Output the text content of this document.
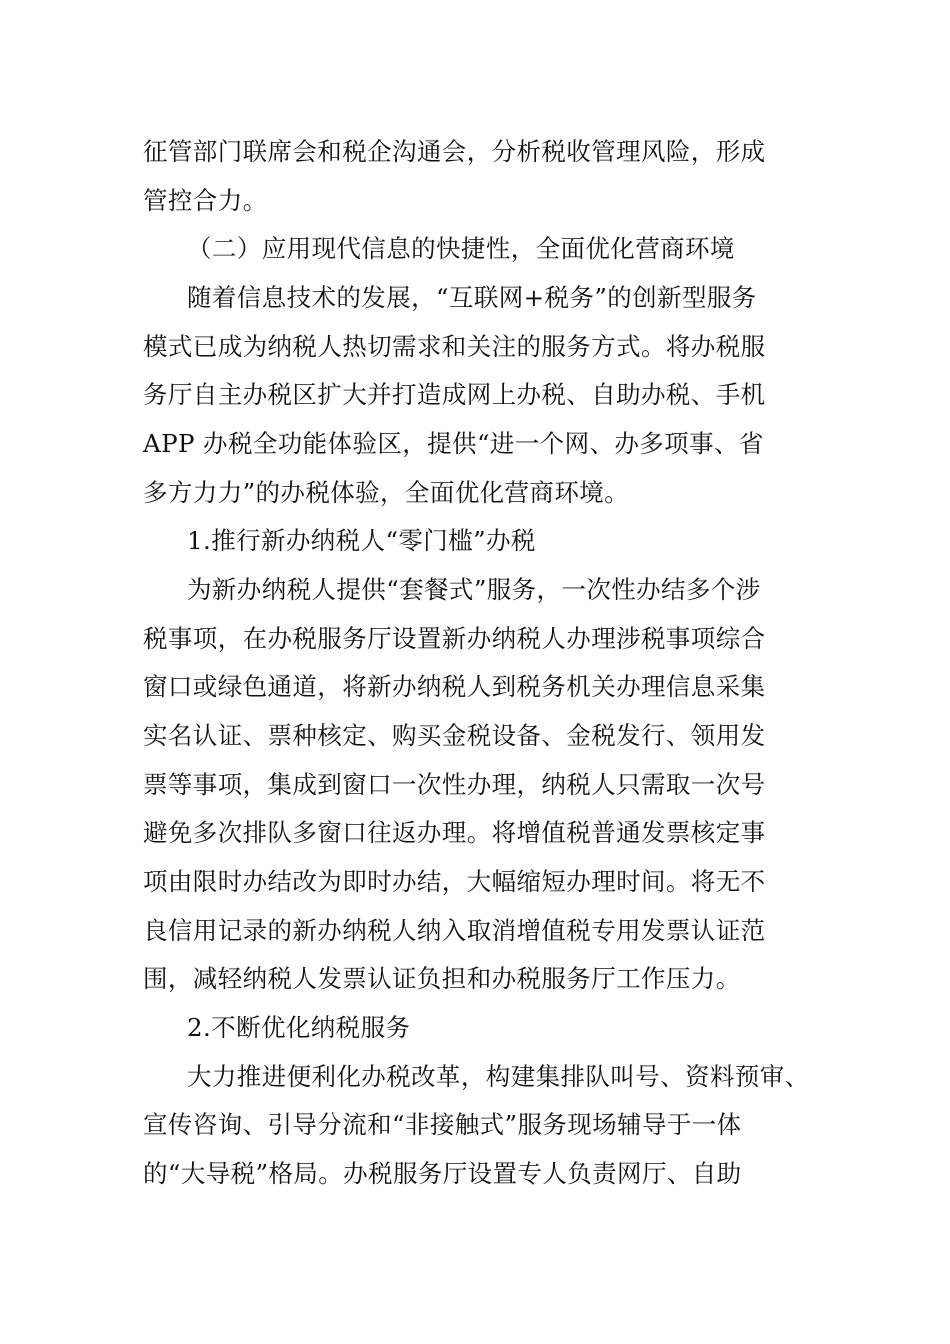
征管部门联席会和税企沟通会，分析税收管理风险，形成
管控合力。
（二）应用现代信息的快捷性，全面优化营商环境
随着信息技术的发展，“互联网+税务”的创新型服务
模式已成为纳税人热切需求和关注的服务方式。将办税服
务厅自主办税区扩大并打造成网上办税、自助办税、手机
APP 办税全功能体验区，提供“进一个网、办多项事、省
多方力力”的办税体验，全面优化营商环境。
1.推行新办纳税人“零门槛”办税
为新办纳税人提供“套餐式”服务，一次性办结多个涉
税事项，在办税服务厅设置新办纳税人办理涉税事项综合
窗口或绿色通道，将新办纳税人到税务机关办理信息采集
实名认证、票种核定、购买金税设备、金税发行、领用发
票等事项，集成到窗口一次性办理，纳税人只需取一次号
避免多次排队多窗口往返办理。将增值税普通发票核定事
项由限时办结改为即时办结，大幅缩短办理时间。将无不
良信用记录的新办纳税人纳入取消增值税专用发票认证范
围，减轻纳税人发票认证负担和办税服务厅工作压力。
2.不断优化纳税服务
大力推进便利化办税改革，构建集排队叫号、资料预审、
宣传咨询、引导分流和“非接触式”服务现场辅导于一体
的“大导税”格局。办税服务厅设置专人负责网厅、自助
